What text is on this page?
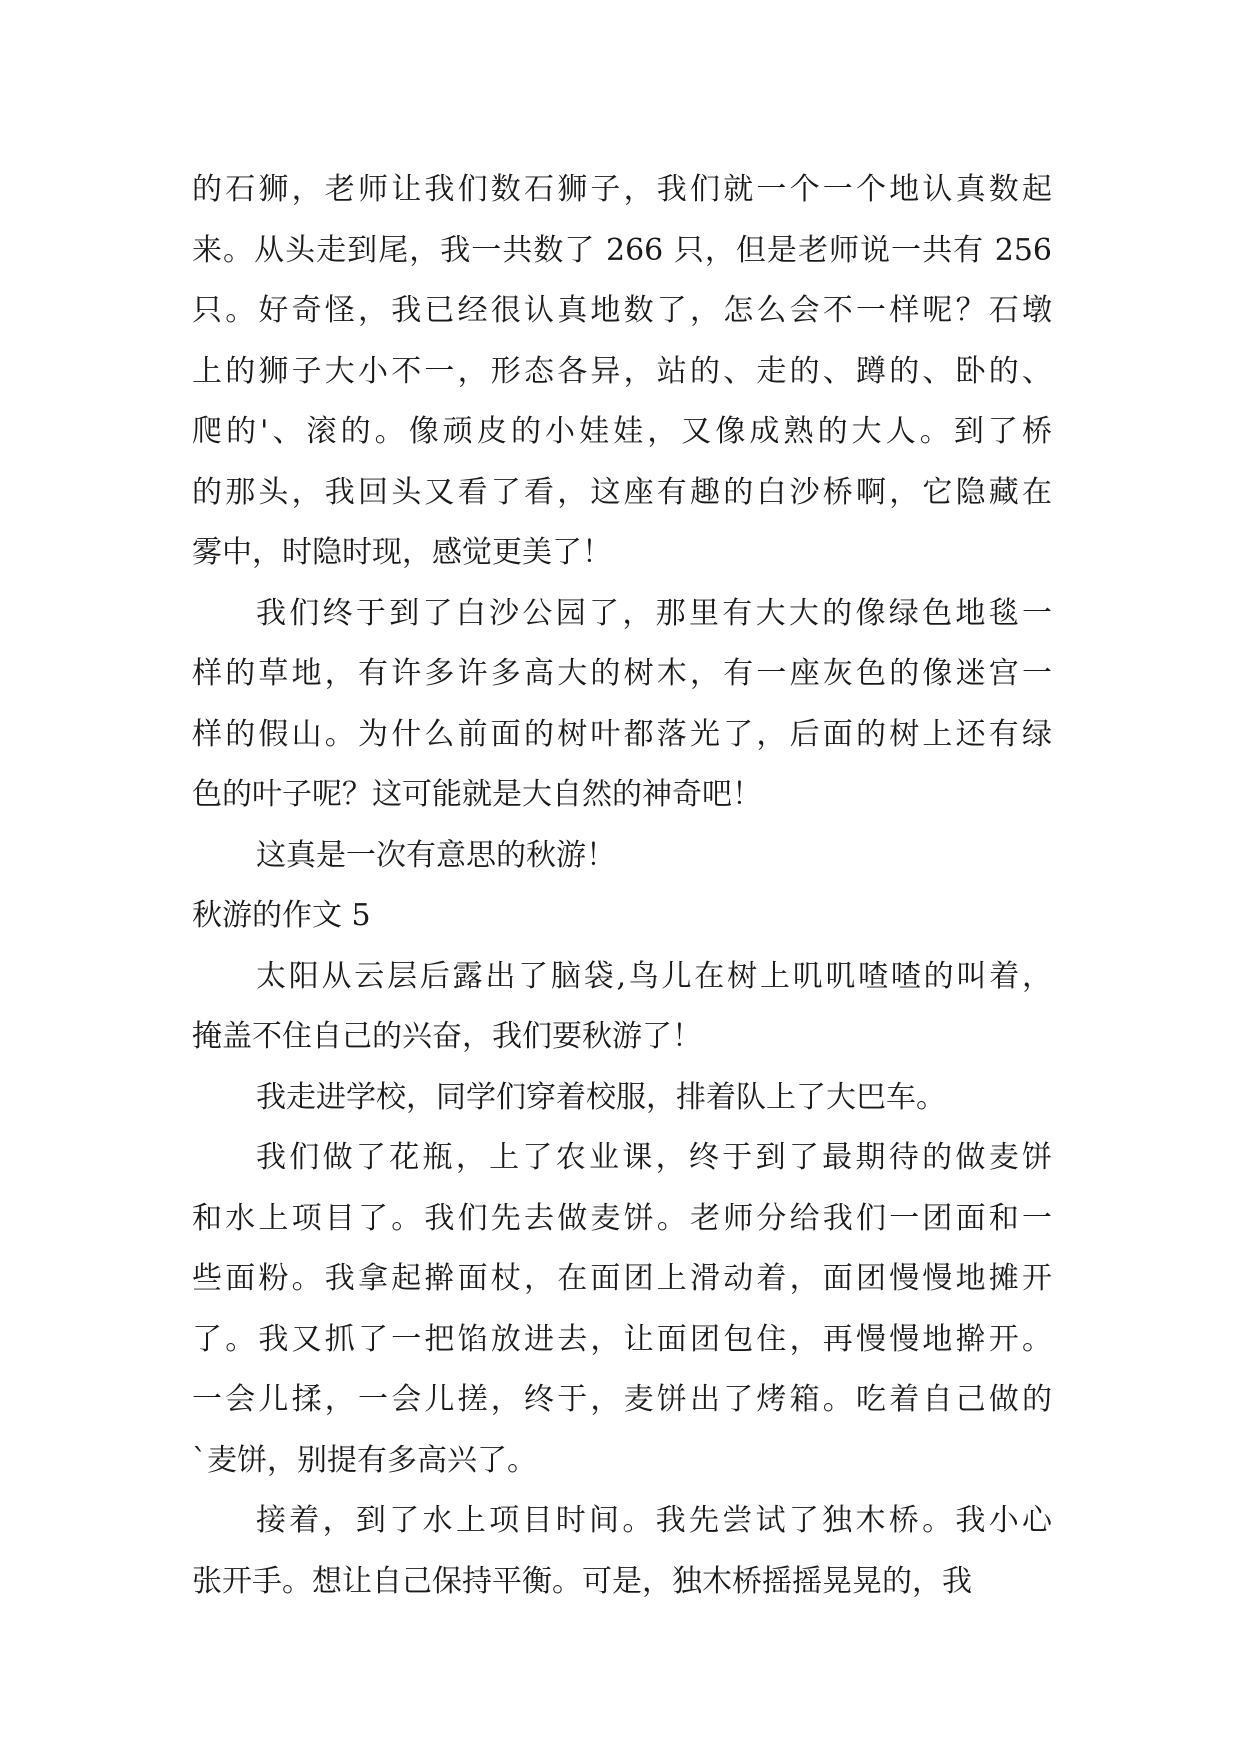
的石狮，老师让我们数石狮子，我们就一个一个地认真数起
来。从头走到尾，我一共数了 266 只，但是老师说一共有 256
只。好奇怪，我已经很认真地数了，怎么会不一样呢？石墩
上的狮子大小不一，形态各异，站的、走的、蹲的、卧的、
爬的'、滚的。像顽皮的小娃娃，又像成熟的大人。到了桥
的那头，我回头又看了看，这座有趣的白沙桥啊，它隐藏在
雾中，时隐时现，感觉更美了！
我们终于到了白沙公园了，那里有大大的像绿色地毯一
样的草地，有许多许多高大的树木，有一座灰色的像迷宫一
样的假山。为什么前面的树叶都落光了，后面的树上还有绿
色的叶子呢？这可能就是大自然的神奇吧！
这真是一次有意思的秋游！
秋游的作文 5
太阳从云层后露出了脑袋,鸟儿在树上叽叽喳喳的叫着，
掩盖不住自己的兴奋，我们要秋游了！
我走进学校，同学们穿着校服，排着队上了大巴车。
我们做了花瓶，上了农业课，终于到了最期待的做麦饼
和水上项目了。我们先去做麦饼。老师分给我们一团面和一
些面粉。我拿起擀面杖，在面团上滑动着，面团慢慢地摊开
了。我又抓了一把馅放进去，让面团包住，再慢慢地擀开。
一会儿揉，一会儿搓，终于，麦饼出了烤箱。吃着自己做的
`麦饼，别提有多高兴了。
接着，到了水上项目时间。我先尝试了独木桥。我小心
张开手。想让自己保持平衡。可是，独木桥摇摇晃晃的，我
